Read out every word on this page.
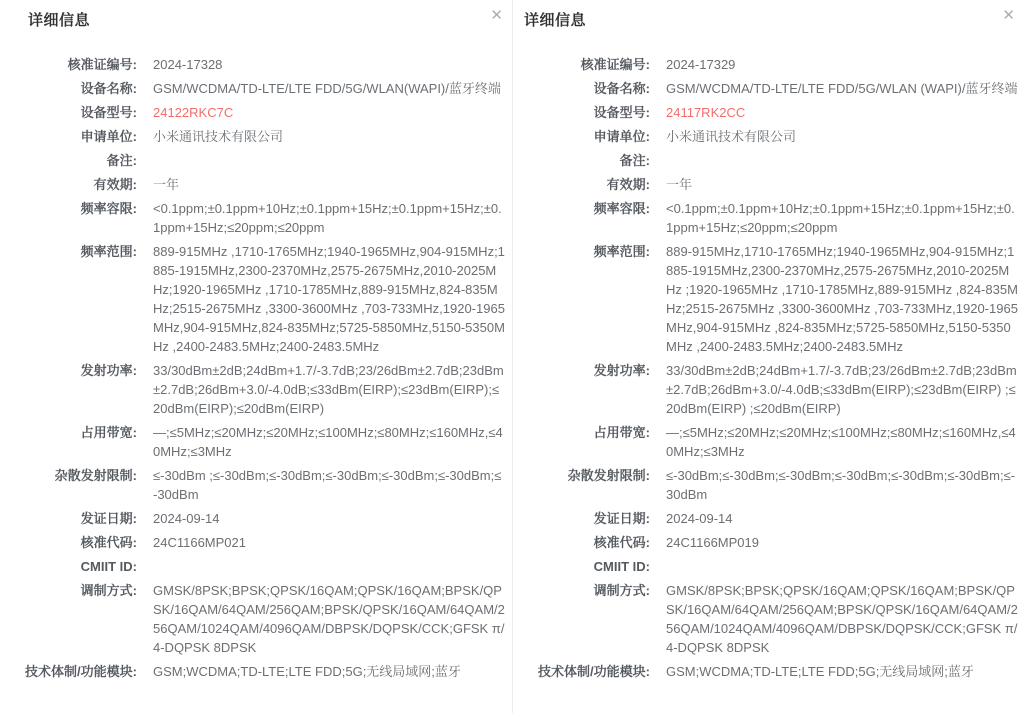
详细信息	✕
核准证编号: 2024-17328
设备名称: GSM/WCDMA/TD-LTE/LTE FDD/5G/WLAN(WAPI)/蓝牙终端
设备型号: 24122RKC7C
申请单位: 小米通讯技术有限公司
备注:
有效期: 一年
频率容限: <0.1ppm;±0.1ppm+10Hz;±0.1ppm+15Hz;±0.1ppm+15Hz;±0.1ppm+15Hz;≤20ppm;≤20ppm
频率范围: 889-915MHz ,1710-1765MHz;1940-1965MHz,904-915MHz;1885-1915MHz,2300-2370MHz,2575-2675MHz,2010-2025MHz;1920-1965MHz ,1710-1785MHz,889-915MHz,824-835MHz;2515-2675MHz ,3300-3600MHz ,703-733MHz,1920-1965MHz,904-915MHz,824-835MHz;5725-5850MHz,5150-5350MHz ,2400-2483.5MHz;2400-2483.5MHz
发射功率: 33/30dBm±2dB;24dBm+1.7/-3.7dB;23/26dBm±2.7dB;23dBm±2.7dB;26dBm+3.0/-4.0dB;≤33dBm(EIRP);≤23dBm(EIRP);≤20dBm(EIRP);≤20dBm(EIRP)
占用带宽: —;≤5MHz;≤20MHz;≤20MHz;≤100MHz;≤80MHz;≤160MHz,≤40MHz;≤3MHz
杂散发射限制: ≤-30dBm ;≤-30dBm;≤-30dBm;≤-30dBm;≤-30dBm;≤-30dBm;≤-30dBm
发证日期: 2024-09-14
核准代码: 24C1166MP021
CMIIT ID:
调制方式: GMSK/8PSK;BPSK;QPSK/16QAM;QPSK/16QAM;BPSK/QPSK/16QAM/64QAM/256QAM;BPSK/QPSK/16QAM/64QAM/256QAM/1024QAM/4096QAM/DBPSK/DQPSK/CCK;GFSK π/4-DQPSK 8DPSK
技术体制/功能模块: GSM;WCDMA;TD-LTE;LTE FDD;5G;无线局域网;蓝牙
详细信息	✕
核准证编号: 2024-17329
设备名称: GSM/WCDMA/TD-LTE/LTE FDD/5G/WLAN (WAPI)/蓝牙终端
设备型号: 24117RK2CC
申请单位: 小米通讯技术有限公司
备注:
有效期: 一年
频率容限: <0.1ppm;±0.1ppm+10Hz;±0.1ppm+15Hz;±0.1ppm+15Hz;±0.1ppm+15Hz;≤20ppm;≤20ppm
频率范围: 889-915MHz,1710-1765MHz;1940-1965MHz,904-915MHz;1885-1915MHz,2300-2370MHz,2575-2675MHz,2010-2025MHz ;1920-1965MHz ,1710-1785MHz,889-915MHz ,824-835MHz;2515-2675MHz ,3300-3600MHz ,703-733MHz,1920-1965MHz,904-915MHz ,824-835MHz;5725-5850MHz,5150-5350MHz ,2400-2483.5MHz;2400-2483.5MHz
发射功率: 33/30dBm±2dB;24dBm+1.7/-3.7dB;23/26dBm±2.7dB;23dBm±2.7dB;26dBm+3.0/-4.0dB;≤33dBm(EIRP);≤23dBm(EIRP) ;≤20dBm(EIRP) ;≤20dBm(EIRP)
占用带宽: —;≤5MHz;≤20MHz;≤20MHz;≤100MHz;≤80MHz;≤160MHz,≤40MHz;≤3MHz
杂散发射限制: ≤-30dBm;≤-30dBm;≤-30dBm;≤-30dBm;≤-30dBm;≤-30dBm;≤-30dBm
发证日期: 2024-09-14
核准代码: 24C1166MP019
CMIIT ID:
调制方式: GMSK/8PSK;BPSK;QPSK/16QAM;QPSK/16QAM;BPSK/QPSK/16QAM/64QAM/256QAM;BPSK/QPSK/16QAM/64QAM/256QAM/1024QAM/4096QAM/DBPSK/DQPSK/CCK;GFSK π/4-DQPSK 8DPSK
技术体制/功能模块: GSM;WCDMA;TD-LTE;LTE FDD;5G;无线局域网;蓝牙
